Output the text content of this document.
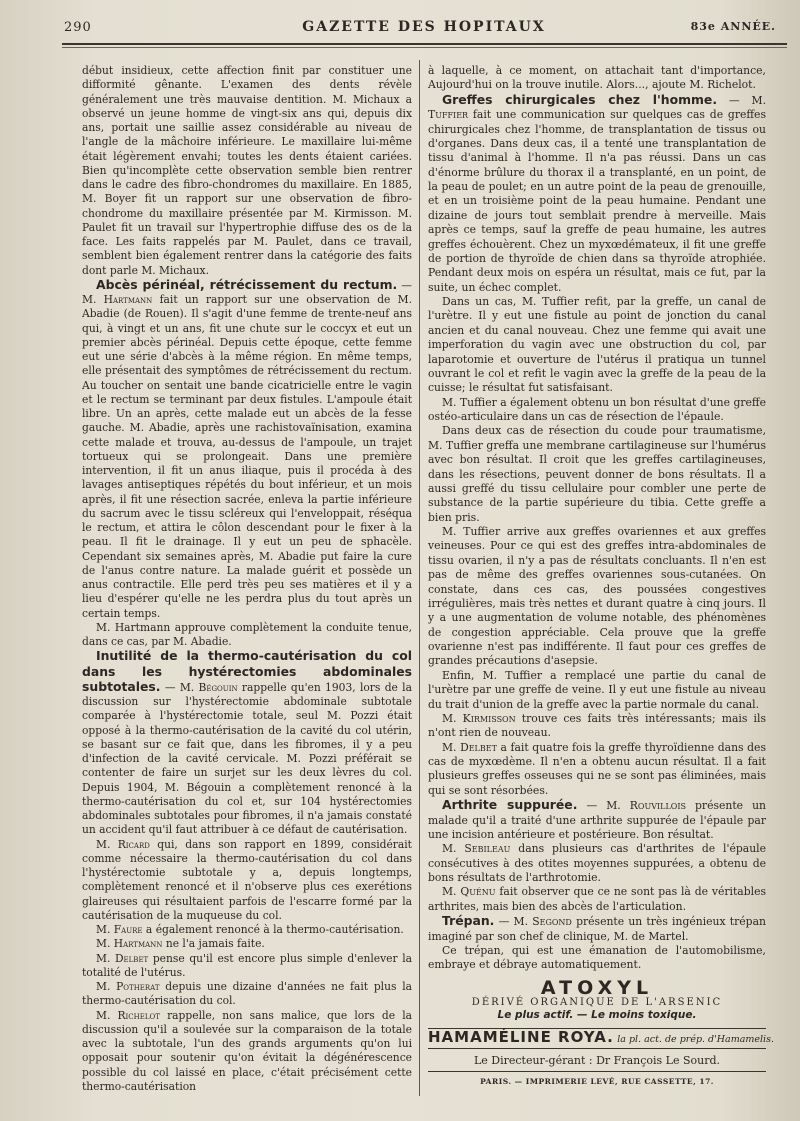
290	GAZETTE DES HOPITAUX	83e ANNÉE.

début insidieux, cette affection finit par constituer une difformité gênante. L'examen des dents révèle généralement une très mauvaise dentition. M. Michaux a observé un jeune homme de vingt-six ans qui, depuis dix ans, portait une saillie assez considérable au niveau de l'angle de la mâchoire inférieure. Le maxillaire lui-même était légèrement envahi; toutes les dents étaient cariées. Bien qu'incomplète cette observation semble bien rentrer dans le cadre des fibro-chondromes du maxillaire. En 1885, M. Boyer fit un rapport sur une observation de fibro-chondrome du maxillaire présentée par M. Kirmisson. M. Paulet fit un travail sur l'hypertrophie diffuse des os de la face. Les faits rappelés par M. Paulet, dans ce travail, semblent bien également rentrer dans la catégorie des faits dont parle M. Michaux.

Abcès périnéal, rétrécissement du rectum. — M. Hartmann fait un rapport sur une observation de M. Abadie (de Rouen). Il s'agit d'une femme de trente-neuf ans qui, à vingt et un ans, fit une chute sur le coccyx et eut un premier abcès périnéal. Depuis cette époque, cette femme eut une série d'abcès à la même région. En même temps, elle présentait des symptômes de rétrécissement du rectum. Au toucher on sentait une bande cicatricielle entre le vagin et le rectum se terminant par deux fistules. L'ampoule était libre. Un an après, cette malade eut un abcès de la fesse gauche. M. Abadie, après une rachistovaïnisation, examina cette malade et trouva, au-dessus de l'ampoule, un trajet tortueux qui se prolongeait. Dans une première intervention, il fit un anus iliaque, puis il procéda à des lavages antiseptiques répétés du bout inférieur, et un mois après, il fit une résection sacrée, enleva la partie inférieure du sacrum avec le tissu scléreux qui l'enveloppait, réséqua le rectum, et attira le côlon descendant pour le fixer à la peau. Il fit le drainage. Il y eut un peu de sphacèle. Cependant six semaines après, M. Abadie put faire la cure de l'anus contre nature. La malade guérit et possède un anus contractile. Elle perd très peu ses matières et il y a lieu d'espérer qu'elle ne les perdra plus du tout après un certain temps.

M. Hartmann approuve complètement la conduite tenue, dans ce cas, par M. Abadie.

Inutilité de la thermo-cautérisation du col dans les hystérectomies abdominales subtotales. — M. Bégouin rappelle qu'en 1903, lors de la discussion sur l'hystérectomie abdominale subtotale comparée à l'hystérectomie totale, seul M. Pozzi était opposé à la thermo-cautérisation de la cavité du col utérin, se basant sur ce fait que, dans les fibromes, il y a peu d'infection de la cavité cervicale. M. Pozzi préférait se contenter de faire un surjet sur les deux lèvres du col. Depuis 1904, M. Bégouin a complètement renoncé à la thermo-cautérisation du col et, sur 104 hystérectomies abdominales subtotales pour fibromes, il n'a jamais constaté un accident qu'il faut attribuer à ce défaut de cautérisation.

M. Ricard qui, dans son rapport en 1899, considérait comme nécessaire la thermo-cautérisation du col dans l'hystérectomie subtotale y a, depuis longtemps, complètement renoncé et il n'observe plus ces exerétions glaireuses qui résultaient parfois de l'escarre formé par la cautérisation de la muqueuse du col.

M. Faure a également renoncé à la thermo-cautérisation.

M. Hartmann ne l'a jamais faite.

M. Delbet pense qu'il est encore plus simple d'enlever la totalité de l'utérus.

M. Potherat depuis une dizaine d'années ne fait plus la thermo-cautérisation du col.

M. Richelot rappelle, non sans malice, que lors de la discussion qu'il a soulevée sur la comparaison de la totale avec la subtotale, l'un des grands arguments qu'on lui opposait pour soutenir qu'on évitait la dégénérescence possible du col laissé en place, c'était précisément cette thermo-cautérisation

à laquelle, à ce moment, on attachait tant d'importance, Aujourd'hui on la trouve inutile. Alors..., ajoute M. Richelot.

Greffes chirurgicales chez l'homme. — M. Tuffier fait une communication sur quelques cas de greffes chirurgicales chez l'homme, de transplantation de tissus ou d'organes. Dans deux cas, il a tenté une transplantation de tissu d'animal à l'homme. Il n'a pas réussi. Dans un cas d'énorme brûlure du thorax il a transplanté, en un point, de la peau de poulet; en un autre point de la peau de grenouille, et en un troisième point de la peau humaine. Pendant une dizaine de jours tout semblait prendre à merveille. Mais après ce temps, sauf la greffe de peau humaine, les autres greffes échouèrent. Chez un myxœdémateux, il fit une greffe de portion de thyroïde de chien dans sa thyroïde atrophiée. Pendant deux mois on espéra un résultat, mais ce fut, par la suite, un échec complet.

Dans un cas, M. Tuffier refit, par la greffe, un canal de l'urètre. Il y eut une fistule au point de jonction du canal ancien et du canal nouveau. Chez une femme qui avait une imperforation du vagin avec une obstruction du col, par laparotomie et ouverture de l'utérus il pratiqua un tunnel ouvrant le col et refit le vagin avec la greffe de la peau de la cuisse; le résultat fut satisfaisant.

M. Tuffier a également obtenu un bon résultat d'une greffe ostéo-articulaire dans un cas de résection de l'épaule.

Dans deux cas de résection du coude pour traumatisme, M. Tuffier greffa une membrane cartilagineuse sur l'humérus avec bon résultat. Il croit que les greffes cartilagineuses, dans les résections, peuvent donner de bons résultats. Il a aussi greffé du tissu cellulaire pour combler une perte de substance de la partie supérieure du tibia. Cette greffe a bien pris.

M. Tuffier arrive aux greffes ovariennes et aux greffes veineuses. Pour ce qui est des greffes intra-abdominales de tissu ovarien, il n'y a pas de résultats concluants. Il n'en est pas de même des greffes ovariennes sous-cutanées. On constate, dans ces cas, des poussées congestives irrégulières, mais très nettes et durant quatre à cinq jours. Il y a une augmentation de volume notable, des phénomènes de congestion appréciable. Cela prouve que la greffe ovarienne n'est pas indifférente. Il faut pour ces greffes de grandes précautions d'asepsie.

Enfin, M. Tuffier a remplacé une partie du canal de l'urètre par une greffe de veine. Il y eut une fistule au niveau du trait d'union de la greffe avec la partie normale du canal.

M. Kirmisson trouve ces faits très intéressants; mais ils n'ont rien de nouveau.

M. Delbet a fait quatre fois la greffe thyroïdienne dans des cas de myxœdème. Il n'en a obtenu aucun résultat. Il a fait plusieurs greffes osseuses qui ne se sont pas éliminées, mais qui se sont résorbées.

Arthrite suppurée. — M. Rouvillois présente un malade qu'il a traité d'une arthrite suppurée de l'épaule par une incision antérieure et postérieure. Bon résultat.

M. Sebileau dans plusieurs cas d'arthrites de l'épaule consécutives à des otites moyennes suppurées, a obtenu de bons résultats de l'arthrotomie.

M. Quénu fait observer que ce ne sont pas là de véritables arthrites, mais bien des abcès de l'articulation.

Trépan. — M. Segond présente un très ingénieux trépan imaginé par son chef de clinique, M. de Martel.

Ce trépan, qui est une émanation de l'automobilisme, embraye et débraye automatiquement.

ATOXYL
DÉRIVÉ ORGANIQUE DE L'ARSENIC
Le plus actif. — Le moins toxique.
HAMAMÉLINE ROYA. la pl. act. de prép. d'Hamamelis.
Le Directeur-gérant : Dr François Le Sourd.
PARIS. — IMPRIMERIE LEVÉ, RUE CASSETTE, 17.
